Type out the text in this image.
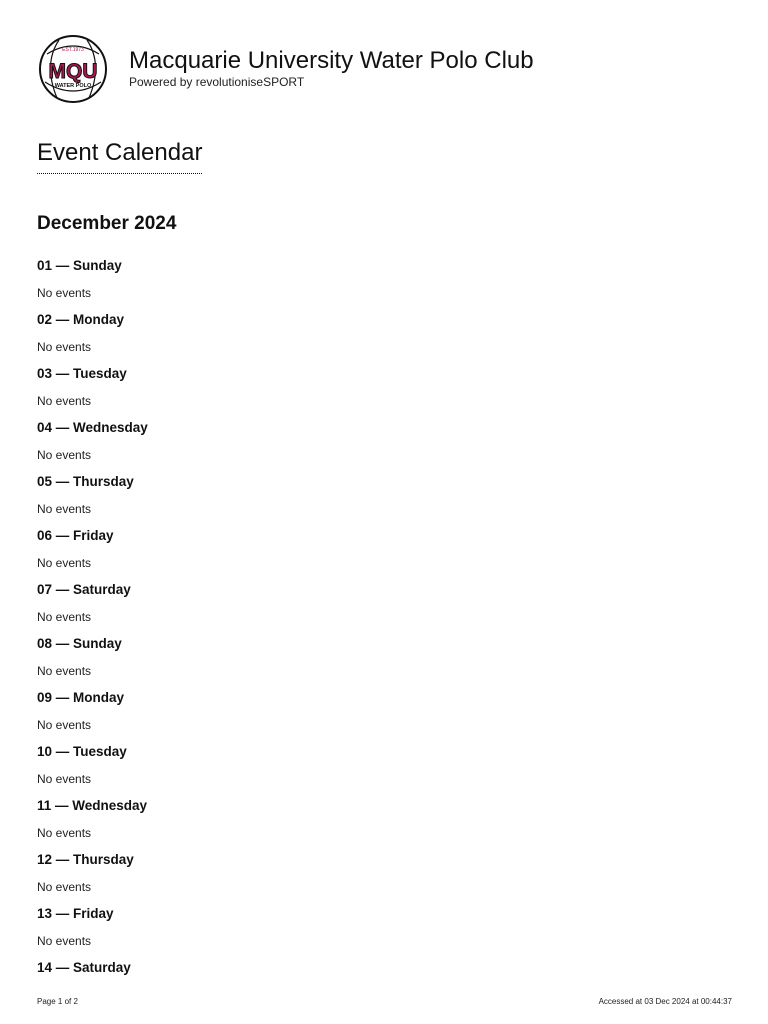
EST.1973
MQU
WATER POLO
Macquarie University Water Polo Club
Powered by revolutioniseSPORT
Event Calendar
December 2024
01 — Sunday
No events
02 — Monday
No events
03 — Tuesday
No events
04 — Wednesday
No events
05 — Thursday
No events
06 — Friday
No events
07 — Saturday
No events
08 — Sunday
No events
09 — Monday
No events
10 — Tuesday
No events
11 — Wednesday
No events
12 — Thursday
No events
13 — Friday
No events
14 — Saturday
Page 1 of 2	Accessed at 03 Dec 2024 at 00:44:37
